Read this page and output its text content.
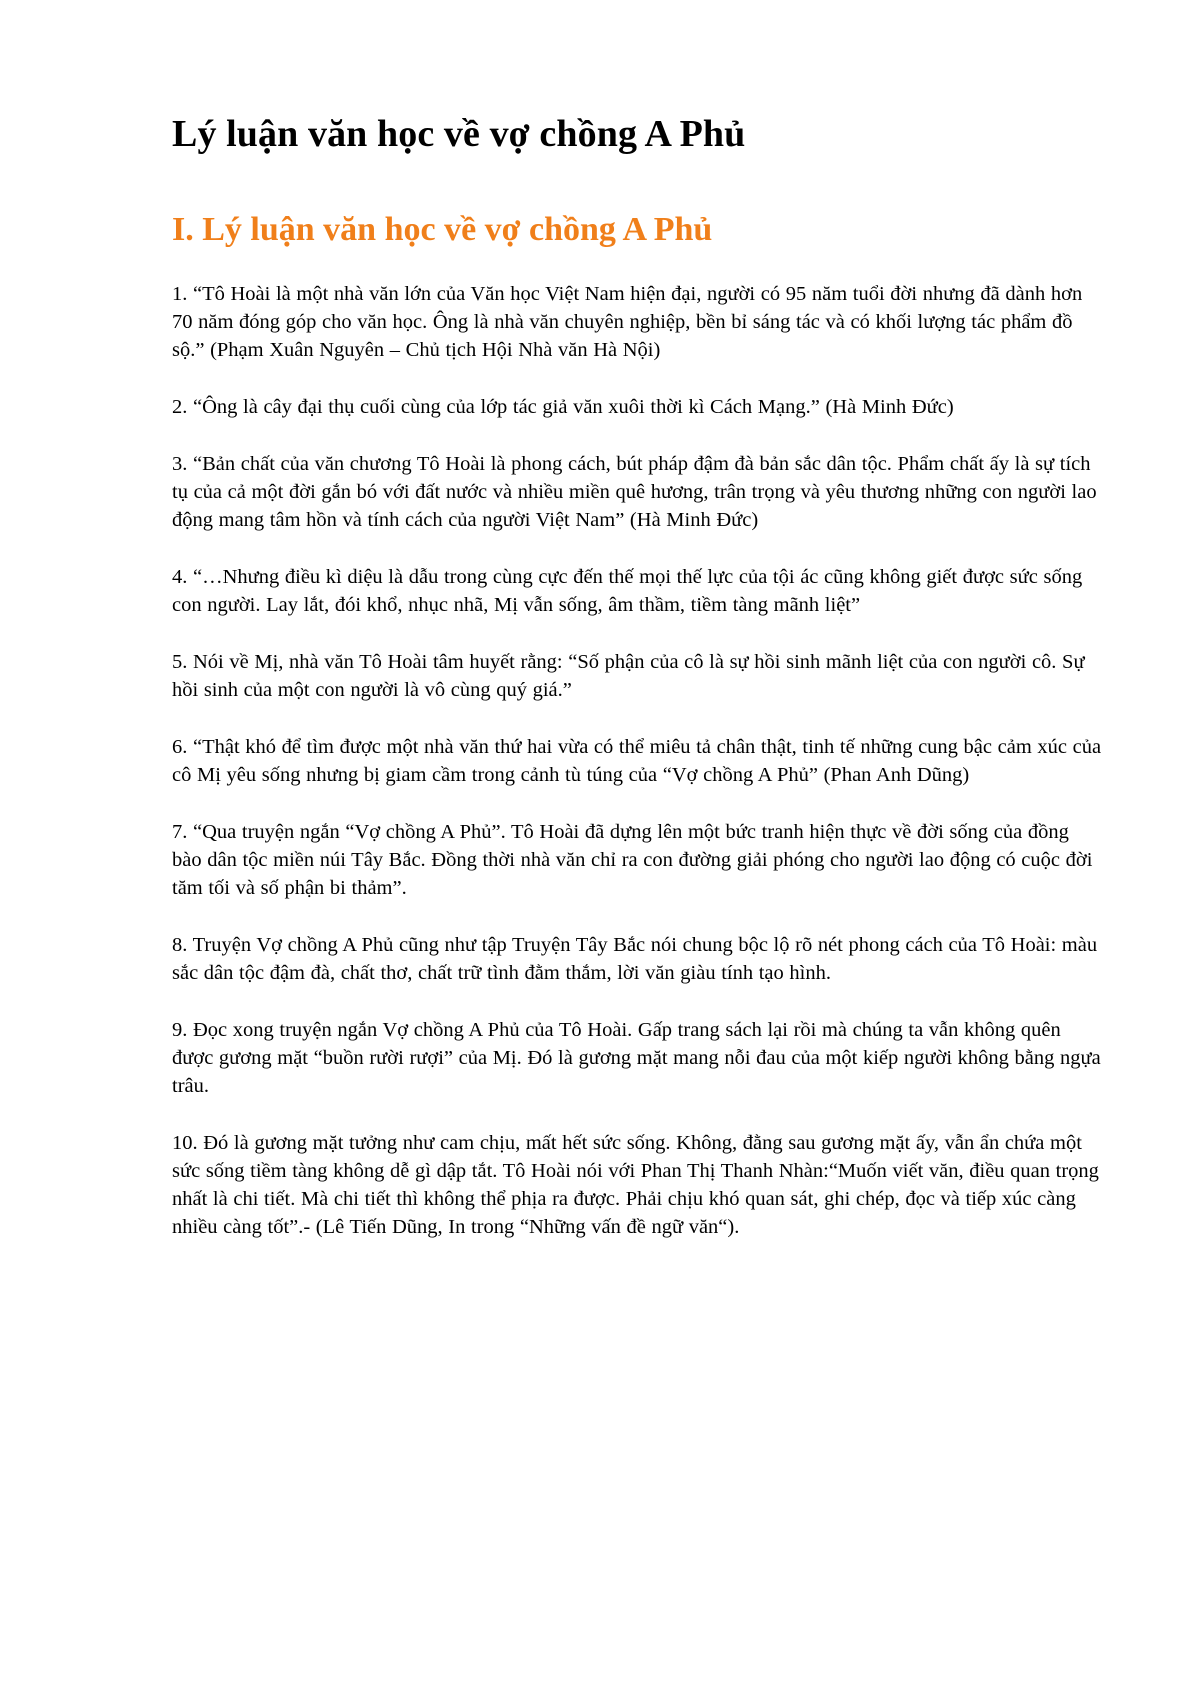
Lý luận văn học về vợ chồng A Phủ
I. Lý luận văn học về vợ chồng A Phủ

1. “Tô Hoài là một nhà văn lớn của Văn học Việt Nam hiện đại, người có 95 năm tuổi đời nhưng đã dành hơn 70 năm đóng góp cho văn học. Ông là nhà văn chuyên nghiệp, bền bỉ sáng tác và có khối lượng tác phẩm đồ sộ.” (Phạm Xuân Nguyên – Chủ tịch Hội Nhà văn Hà Nội)

2. “Ông là cây đại thụ cuối cùng của lớp tác giả văn xuôi thời kì Cách Mạng.” (Hà Minh Đức)

3. “Bản chất của văn chương Tô Hoài là phong cách, bút pháp đậm đà bản sắc dân tộc. Phẩm chất ấy là sự tích tụ của cả một đời gắn bó với đất nước và nhiều miền quê hương, trân trọng và yêu thương những con người lao động mang tâm hồn và tính cách của người Việt Nam” (Hà Minh Đức)

4. “…Nhưng điều kì diệu là dẫu trong cùng cực đến thế mọi thế lực của tội ác cũng không giết được sức sống con người. Lay lắt, đói khổ, nhục nhã, Mị vẫn sống, âm thầm, tiềm tàng mãnh liệt”

5. Nói về Mị, nhà văn Tô Hoài tâm huyết rằng: “Số phận của cô là sự hồi sinh mãnh liệt của con người cô. Sự hồi sinh của một con người là vô cùng quý giá.”

6. “Thật khó để tìm được một nhà văn thứ hai vừa có thể miêu tả chân thật, tinh tế những cung bậc cảm xúc của cô Mị yêu sống nhưng bị giam cầm trong cảnh tù túng của “Vợ chồng A Phủ” (Phan Anh Dũng)

7. “Qua truyện ngắn “Vợ chồng A Phủ”. Tô Hoài đã dựng lên một bức tranh hiện thực về đời sống của đồng bào dân tộc miền núi Tây Bắc. Đồng thời nhà văn chỉ ra con đường giải phóng cho người lao động có cuộc đời tăm tối và số phận bi thảm”.

8. Truyện Vợ chồng A Phủ cũng như tập Truyện Tây Bắc nói chung bộc lộ rõ nét phong cách của Tô Hoài: màu sắc dân tộc đậm đà, chất thơ, chất trữ tình đằm thắm, lời văn giàu tính tạo hình.

9. Đọc xong truyện ngắn Vợ chồng A Phủ của Tô Hoài. Gấp trang sách lại rồi mà chúng ta vẫn không quên được gương mặt “buồn rười rượi” của Mị. Đó là gương mặt mang nỗi đau của một kiếp người không bằng ngựa trâu.

10. Đó là gương mặt tưởng như cam chịu, mất hết sức sống. Không, đằng sau gương mặt ấy, vẫn ẩn chứa một sức sống tiềm tàng không dễ gì dập tắt. Tô Hoài nói với Phan Thị Thanh Nhàn:“Muốn viết văn, điều quan trọng nhất là chi tiết. Mà chi tiết thì không thể phịa ra được. Phải chịu khó quan sát, ghi chép, đọc và tiếp xúc càng nhiều càng tốt”.- (Lê Tiến Dũng, In trong “Những vấn đề ngữ văn“).
